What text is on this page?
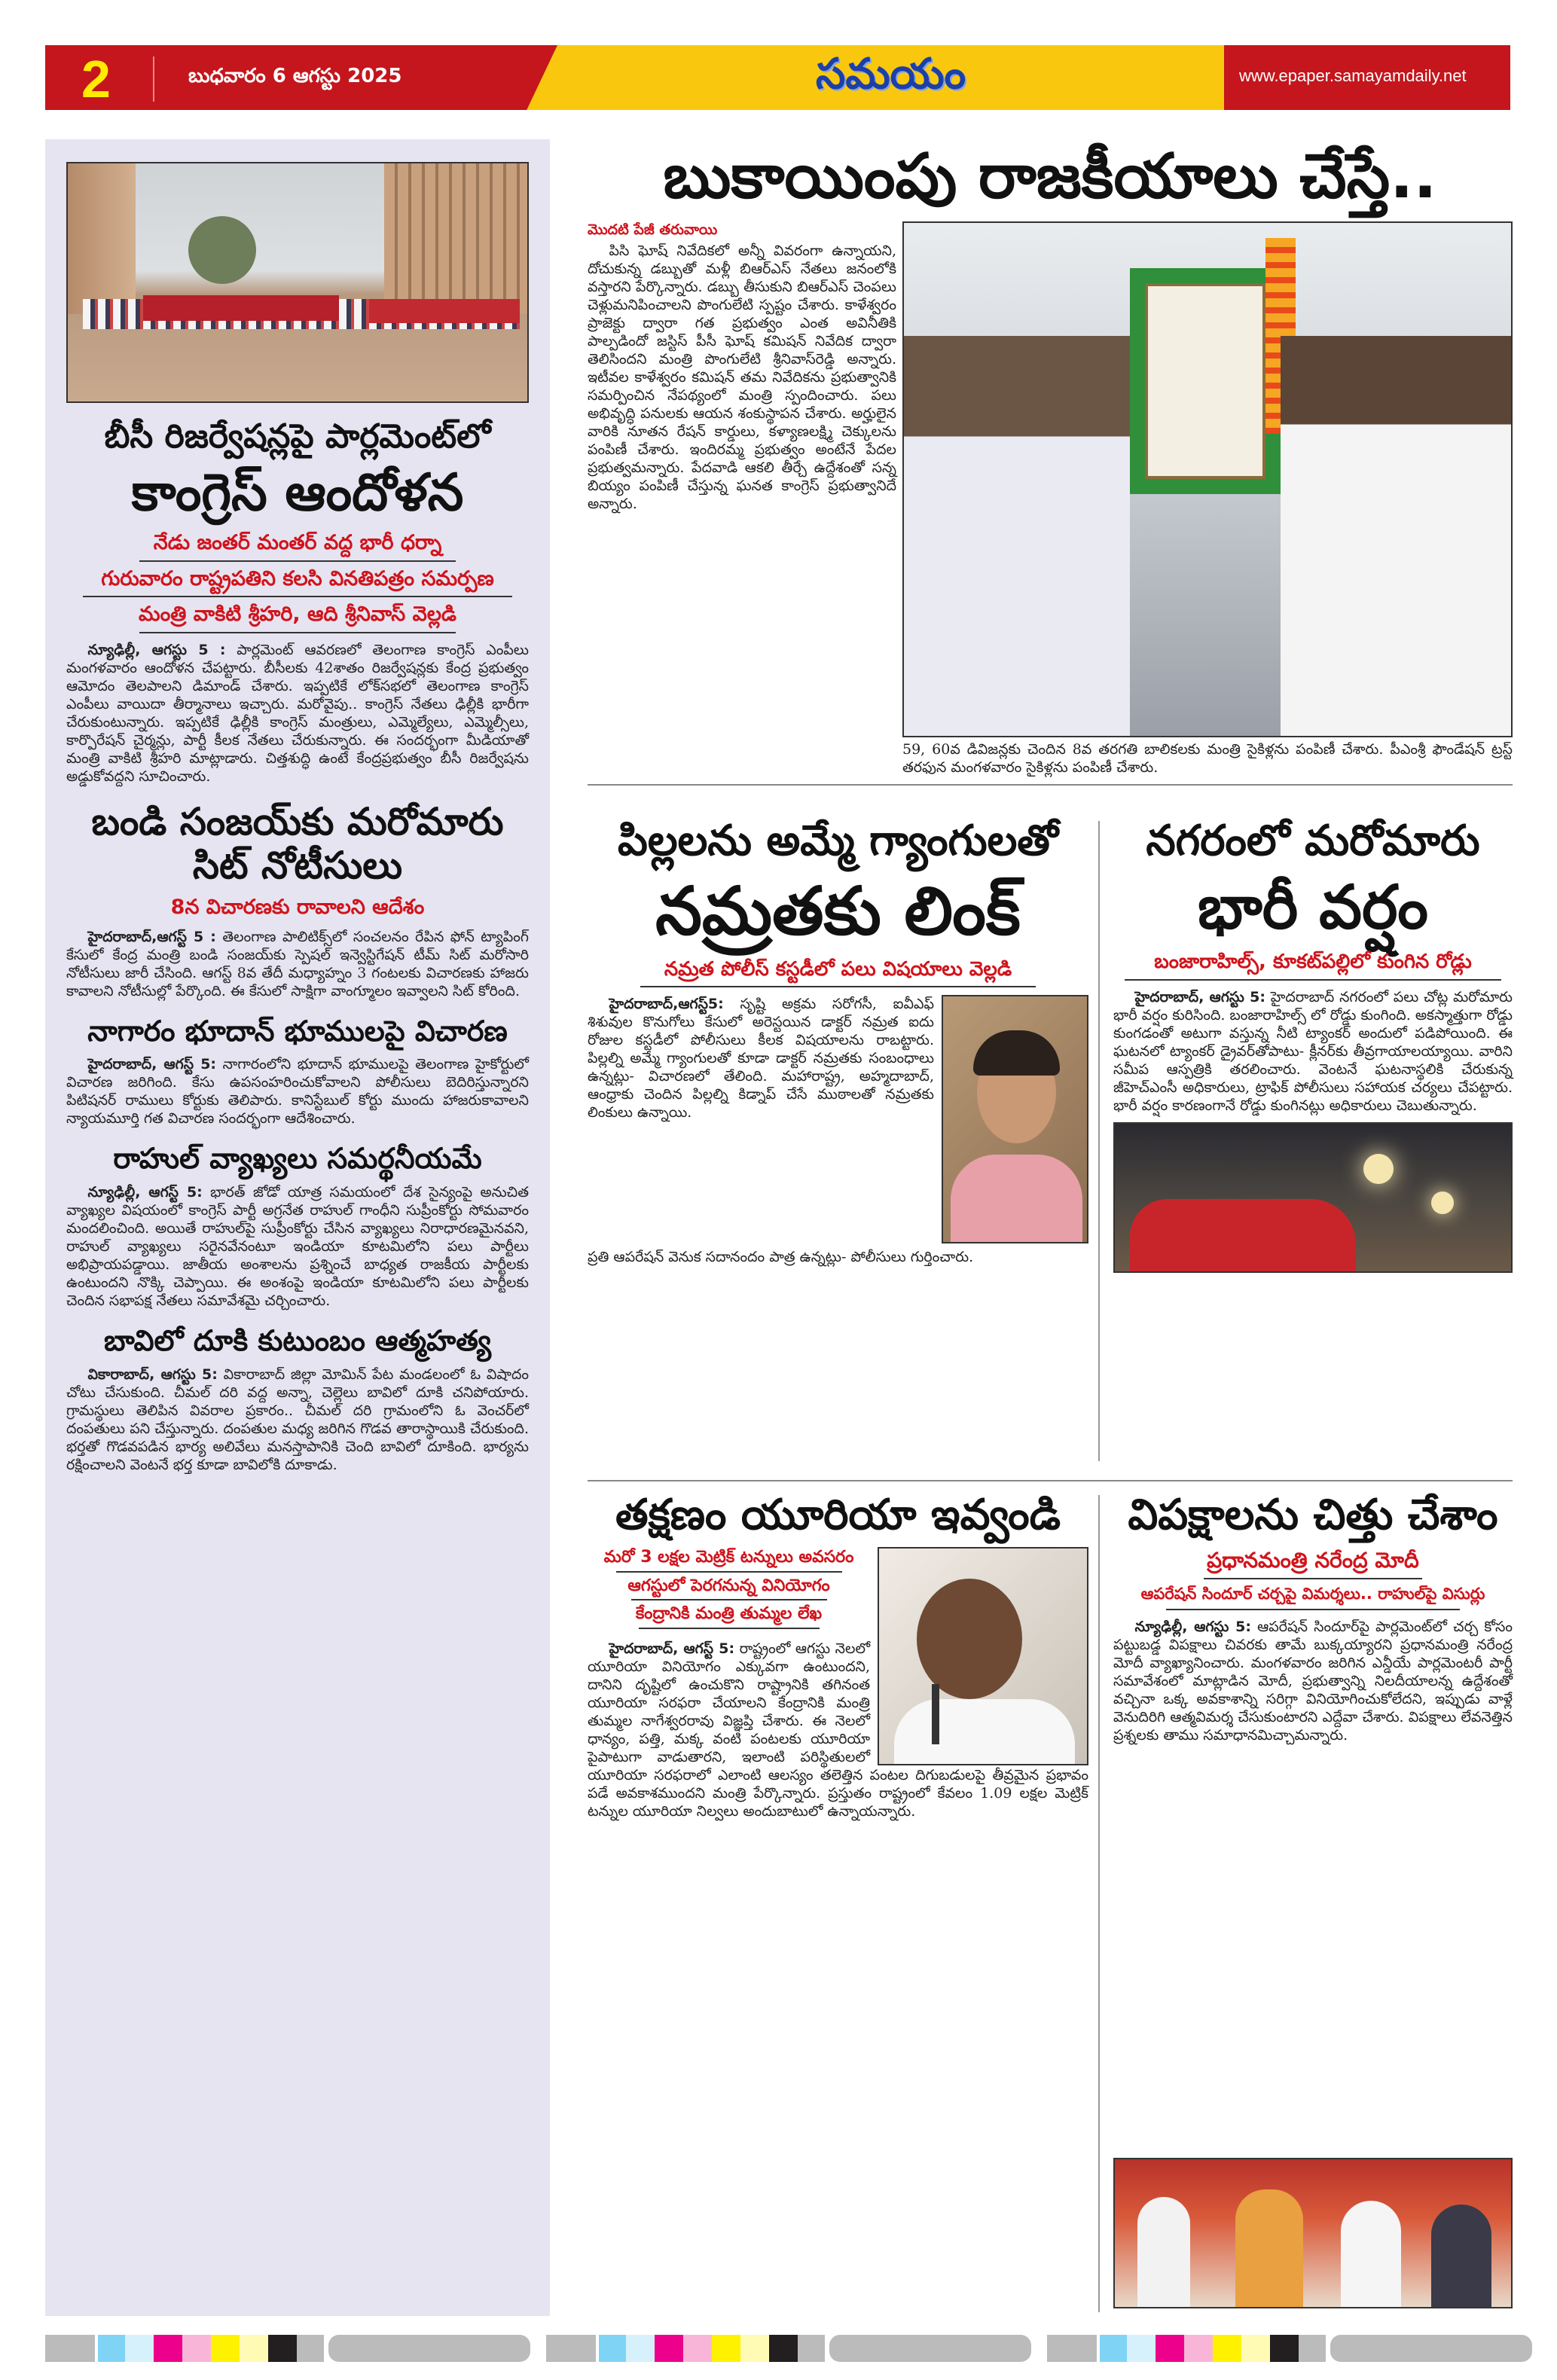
2	బుధవారం 6 ఆగస్టు 2025	సమయం	www.epaper.samayamdaily.net
బీసీ రిజర్వేషన్లపై పార్లమెంట్‌లో
కాంగ్రెస్ ఆందోళన
నేడు జంతర్ మంతర్ వద్ద భారీ ధర్నా
గురువారం రాష్ట్రపతిని కలసి వినతిపత్రం సమర్పణ
మంత్రి వాకిటి శ్రీహరి, ఆది శ్రీనివాస్ వెల్లడి
న్యూఢిల్లీ, ఆగస్టు 5 : పార్లమెంట్ ఆవరణలో తెలంగాణ కాంగ్రెస్ ఎంపీలు మంగళవారం ఆందోళన చేపట్టారు. బీసీలకు 42శాతం రిజర్వేషన్లకు కేంద్ర ప్రభుత్వం ఆమోదం తెలపాలని డిమాండ్ చేశారు. ఇప్పటికే లోక్‌సభలో తెలంగాణ కాంగ్రెస్ ఎంపీలు వాయిదా తీర్మానాలు ఇచ్చారు. మరోవైపు.. కాంగ్రెస్ నేతలు ఢిల్లీకి భారీగా చేరుకుంటున్నారు. ఇప్పటికే ఢిల్లీకి కాంగ్రెస్ మంత్రులు, ఎమ్మెల్యేలు, ఎమ్మెల్సీలు, కార్పొరేషన్ చైర్మన్లు, పార్టీ కీలక నేతలు చేరుకున్నారు. ఈ సందర్భంగా మీడియాతో మంత్రి వాకిటి శ్రీహరి మాట్లాడారు. చిత్తశుద్ధి ఉంటే కేంద్రప్రభుత్వం బీసీ రిజర్వేషను అడ్డుకోవద్దని సూచించారు.
బండి సంజయ్‌కు మరోమారు సిట్ నోటీసులు
8న విచారణకు రావాలని ఆదేశం
హైదరాబాద్,ఆగస్ట్ 5 : తెలంగాణ పాలిటిక్స్‌లో సంచలనం రేపిన ఫోన్ ట్యాపింగ్ కేసులో కేంద్ర మంత్రి బండి సంజయ్‌కు స్పెషల్ ఇన్వెస్టిగేషన్ టీమ్ సిట్ మరోసారి నోటీసులు జారీ చేసింది. ఆగస్ట్ 8వ తేదీ మధ్యాహ్నం 3 గంటలకు విచారణకు హాజరు కావాలని నోటీసుల్లో పేర్కొంది. ఈ కేసులో సాక్షిగా వాంగ్మూలం ఇవ్వాలని సిట్ కోరింది.
నాగారం భూదాన్ భూములపై విచారణ
హైదరాబాద్, ఆగస్ట్ 5: నాగారంలోని భూదాన్ భూములపై తెలంగాణ హైకోర్టులో విచారణ జరిగింది. కేసు ఉపసంహరించుకోవాలని పోలీసులు బెదిరిస్తున్నారని పిటిషనర్ రాములు కోర్టుకు తెలిపారు. కానిస్టేబుల్ కోర్టు ముందు హాజరుకావాలని న్యాయమూర్తి గత విచారణ సందర్భంగా ఆదేశించారు.
రాహుల్ వ్యాఖ్యలు సమర్థనీయమే
న్యూఢిల్లీ, ఆగస్ట్ 5: భారత్ జోడో యాత్ర సమయంలో దేశ సైన్యంపై అనుచిత వ్యాఖ్యల విషయంలో కాంగ్రెస్ పార్టీ అగ్రనేత రాహుల్ గాంధీని సుప్రీంకోర్టు సోమవారం మందలించింది. అయితే రాహుల్‌పై సుప్రీంకోర్టు చేసిన వ్యాఖ్యలు నిరాధారణమైనవని, రాహుల్ వ్యాఖ్యలు సరైనవేనంటూ ఇండియా కూటమిలోని పలు పార్టీలు అభిప్రాయపడ్డాయి. జాతీయ అంశాలను ప్రశ్నించే బాధ్యత రాజకీయ పార్టీలకు ఉంటుందని నొక్కి చెప్పాయి. ఈ అంశంపై ఇండియా కూటమిలోని పలు పార్టీలకు చెందిన సభాపక్ష నేతలు సమావేశమై చర్చించారు.
బావిలో దూకి కుటుంబం ఆత్మహత్య
వికారాబాద్, ఆగస్టు 5: వికారాబాద్ జిల్లా మోమిన్ పేట మండలంలో ఓ విషాదం చోటు చేసుకుంది. చీమల్ దరి వద్ద అన్నా, చెల్లెలు బావిలో దూకి చనిపోయారు. గ్రామస్థులు తెలిపిన వివరాల ప్రకారం.. చీమల్ దరి గ్రామంలోని ఓ వెంచర్‌లో దంపతులు పని చేస్తున్నారు. దంపతుల మధ్య జరిగిన గొడవ తారాస్థాయికి చేరుకుంది. భర్తతో గొడవపడిన భార్య అలివేలు మనస్తాపానికి చెంది బావిలో దూకింది. భార్యను రక్షించాలని వెంటనే భర్త కూడా బావిలోకి దూకాడు.
బుకాయింపు రాజకీయాలు చేస్తే..
మొదటి పేజీ తరువాయి
పిసి ఘోష్ నివేదికలో అన్నీ వివరంగా ఉన్నాయని, దోచుకున్న డబ్బుతో మళ్లీ బిఆర్ఎస్ నేతలు జనంలోకి వస్తారని పేర్కొన్నారు. డబ్బు తీసుకుని బిఆర్ఎస్ చెంపలు చెళ్లుమనిపించాలని పొంగులేటి స్పష్టం చేశారు. కాళేశ్వరం ప్రాజెక్టు ద్వారా గత ప్రభుత్వం ఎంత అవినీతికి పాల్పడిందో జస్టిస్ పీసీ ఘోష్ కమిషన్ నివేదిక ద్వారా తెలిసిందని మంత్రి పొంగులేటి శ్రీనివాస్‌రెడ్డి అన్నారు. ఇటీవల కాళేశ్వరం కమిషన్ తమ నివేదికను ప్రభుత్వానికి సమర్పించిన నేపథ్యంలో మంత్రి స్పందించారు. పలు అభివృద్ధి పనులకు ఆయన శంకుస్థాపన చేశారు. అర్హులైన వారికి నూతన రేషన్ కార్డులు, కళ్యాణలక్ష్మి చెక్కులను పంపిణీ చేశారు. ఇందిరమ్మ ప్రభుత్వం అంటేనే పేదల ప్రభుత్వమన్నారు. పేదవాడి ఆకలి తీర్చే ఉద్దేశంతో సన్న బియ్యం పంపిణీ చేస్తున్న ఘనత కాంగ్రెస్ ప్రభుత్వానిదే అన్నారు.
59, 60వ డివిజన్లకు చెందిన 8వ తరగతి బాలికలకు మంత్రి సైకిళ్లను పంపిణీ చేశారు. పీఎంశ్రీ ఫౌండేషన్ ట్రస్ట్ తరఫున మంగళవారం సైకిళ్లను పంపిణీ చేశారు.
పిల్లలను అమ్మే గ్యాంగులతో
నమ్రతకు లింక్
నమ్రత పోలీస్ కస్టడీలో పలు విషయాలు వెల్లడి
హైదరాబాద్,ఆగస్ట్5: సృష్టి అక్రమ సరోగసీ, ఐవీఎఫ్ శిశువుల కొనుగోలు కేసులో అరెస్టయిన డాక్టర్ నమ్రత ఐదు రోజుల కస్టడీలో పోలీసులు కీలక విషయాలను రాబట్టారు. పిల్లల్ని అమ్మే గ్యాంగులతో కూడా డాక్టర్ నమ్రతకు సంబంధాలు ఉన్నట్లు- విచారణలో తేలింది. మహారాష్ట్ర, అహ్మదాబాద్, ఆంధ్రాకు చెందిన పిల్లల్ని కిడ్నాప్ చేసే ముఠాలతో నమ్రతకు లింకులు ఉన్నాయి.
ప్రతి ఆపరేషన్ వెనుక సదానందం పాత్ర ఉన్నట్లు- పోలీసులు గుర్తించారు.
నగరంలో మరోమారు
భారీ వర్షం
బంజారాహిల్స్, కూకట్‌పల్లిలో కుంగిన రోడ్లు
హైదరాబాద్, ఆగస్టు 5: హైదరాబాద్ నగరంలో పలు చోట్ల మరోమారు భారీ వర్షం కురిసింది. బంజారాహిల్స్ లో రోడ్డు కుంగింది. అకస్మాత్తుగా రోడ్డు కుంగడంతో అటుగా వస్తున్న నీటి ట్యాంకర్ అందులో పడిపోయింది. ఈ ఘటనలో ట్యాంకర్ డ్రైవర్‌తోపాటు- క్లీనర్‌కు తీవ్రగాయాలయ్యాయి. వారిని సమీప ఆస్పత్రికి తరలించారు. వెంటనే ఘటనాస్థలికి చేరుకున్న జీహెచ్ఎంసీ అధికారులు, ట్రాఫిక్ పోలీసులు సహాయక చర్యలు చేపట్టారు. భారీ వర్షం కారణంగానే రోడ్డు కుంగినట్లు అధికారులు చెబుతున్నారు.
తక్షణం యూరియా ఇవ్వండి
మరో 3 లక్షల మెట్రిక్ టన్నులు అవసరం
ఆగస్టులో పెరగనున్న వినియోగం
కేంద్రానికి మంత్రి తుమ్మల లేఖ
హైదరాబాద్, ఆగస్ట్ 5: రాష్ట్రంలో ఆగస్టు నెలలో యూరియా వినియోగం ఎక్కువగా ఉంటుందని, దానిని దృష్టిలో ఉంచుకొని రాష్ట్రానికి తగినంత యూరియా సరఫరా చేయాలని కేంద్రానికి మంత్రి తుమ్మల నాగేశ్వరరావు విజ్ఞప్తి చేశారు. ఈ నెలలో ధాన్యం, పత్తి, మక్క వంటి పంటలకు యూరియా పైపాటుగా వాడుతారని, ఇలాంటి పరిస్థితులలో యూరియా సరఫరాలో ఎలాంటి ఆలస్యం తలెత్తిన పంటల దిగుబడులపై తీవ్రమైన ప్రభావం పడే అవకాశముందని మంత్రి పేర్కొన్నారు. ప్రస్తుతం రాష్ట్రంలో కేవలం 1.09 లక్షల మెట్రిక్ టన్నుల యూరియా నిల్వలు అందుబాటులో ఉన్నాయన్నారు.
విపక్షాలను చిత్తు చేశాం
ప్రధానమంత్రి నరేంద్ర మోదీ
ఆపరేషన్ సిందూర్ చర్చపై విమర్శలు.. రాహుల్‌పై విసుర్లు
న్యూఢిల్లీ, ఆగస్టు 5: ఆపరేషన్ సిందూర్‌పై పార్లమెంట్‌లో చర్చ కోసం పట్టుబడ్డ విపక్షాలు చివరకు తామే బుక్కయ్యారని ప్రధానమంత్రి నరేంద్ర మోదీ వ్యాఖ్యానించారు. మంగళవారం జరిగిన ఎన్డీయే పార్లమెంటరీ పార్టీ సమావేశంలో మాట్లాడిన మోదీ, ప్రభుత్వాన్ని నిలదీయాలన్న ఉద్దేశంతో వచ్చినా ఒక్క అవకాశాన్ని సరిగ్గా వినియోగించుకోలేదని, ఇప్పుడు వాళ్లే వెనుదిరిగి ఆత్మవిమర్శ చేసుకుంటారని ఎద్దేవా చేశారు. విపక్షాలు లేవనెత్తిన ప్రశ్నలకు తాము సమాధానమిచ్చామన్నారు.
